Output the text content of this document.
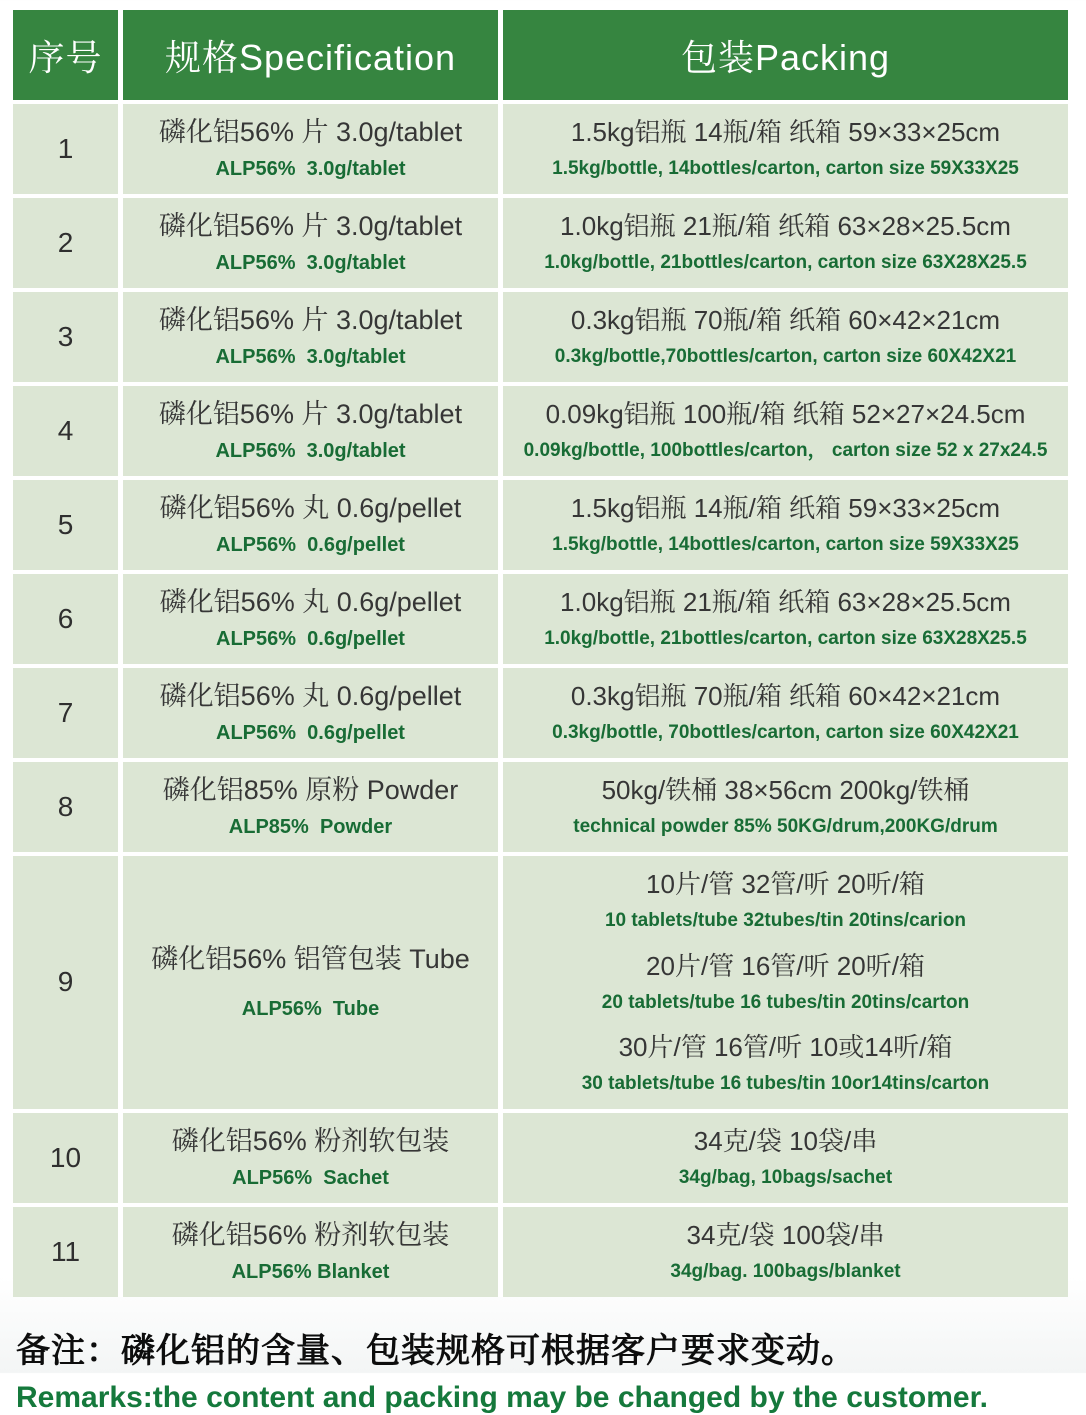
序号	规格Specification	包装Packing
1
磷化铝56% 片 3.0g/tablet
ALP56%  3.0g/tablet
1.5kg铝瓶 14瓶/箱 纸箱 59×33×25cm
1.5kg/bottle, 14bottles/carton, carton size 59X33X25
2
磷化铝56% 片 3.0g/tablet
ALP56%  3.0g/tablet
1.0kg铝瓶 21瓶/箱 纸箱 63×28×25.5cm
1.0kg/bottle, 21bottles/carton, carton size 63X28X25.5
3
磷化铝56% 片 3.0g/tablet
ALP56%  3.0g/tablet
0.3kg铝瓶 70瓶/箱 纸箱 60×42×21cm
0.3kg/bottle,70bottles/carton, carton size 60X42X21
4
磷化铝56% 片 3.0g/tablet
ALP56%  3.0g/tablet
0.09kg铝瓶 100瓶/箱 纸箱 52×27×24.5cm
0.09kg/bottle, 100bottles/carton， carton size 52 x 27x24.5
5
磷化铝56% 丸 0.6g/pellet
ALP56%  0.6g/pellet
1.5kg铝瓶 14瓶/箱 纸箱 59×33×25cm
1.5kg/bottle, 14bottles/carton, carton size 59X33X25
6
磷化铝56% 丸 0.6g/pellet
ALP56%  0.6g/pellet
1.0kg铝瓶 21瓶/箱 纸箱 63×28×25.5cm
1.0kg/bottle, 21bottles/carton, carton size 63X28X25.5
7
磷化铝56% 丸 0.6g/pellet
ALP56%  0.6g/pellet
0.3kg铝瓶 70瓶/箱 纸箱 60×42×21cm
0.3kg/bottle, 70bottles/carton, carton size 60X42X21
8
磷化铝85% 原粉 Powder
ALP85%  Powder
50kg/铁桶 38×56cm 200kg/铁桶
technical powder 85% 50KG/drum,200KG/drum
9
磷化铝56% 铝管包装 Tube
ALP56%  Tube
10片/管 32管/听 20听/箱
10 tablets/tube 32tubes/tin 20tins/carion
20片/管 16管/听 20听/箱
20 tablets/tube 16 tubes/tin 20tins/carton
30片/管 16管/听 10或14听/箱
30 tablets/tube 16 tubes/tin 10or14tins/carton
10
磷化铝56% 粉剂软包装
ALP56%  Sachet
34克/袋 10袋/串
34g/bag, 10bags/sachet
11
磷化铝56% 粉剂软包装
ALP56% Blanket
34克/袋 100袋/串
34g/bag. 100bags/blanket
备注：磷化铝的含量、包装规格可根据客户要求变动。
Remarks:the content and packing may be changed by the customer.
